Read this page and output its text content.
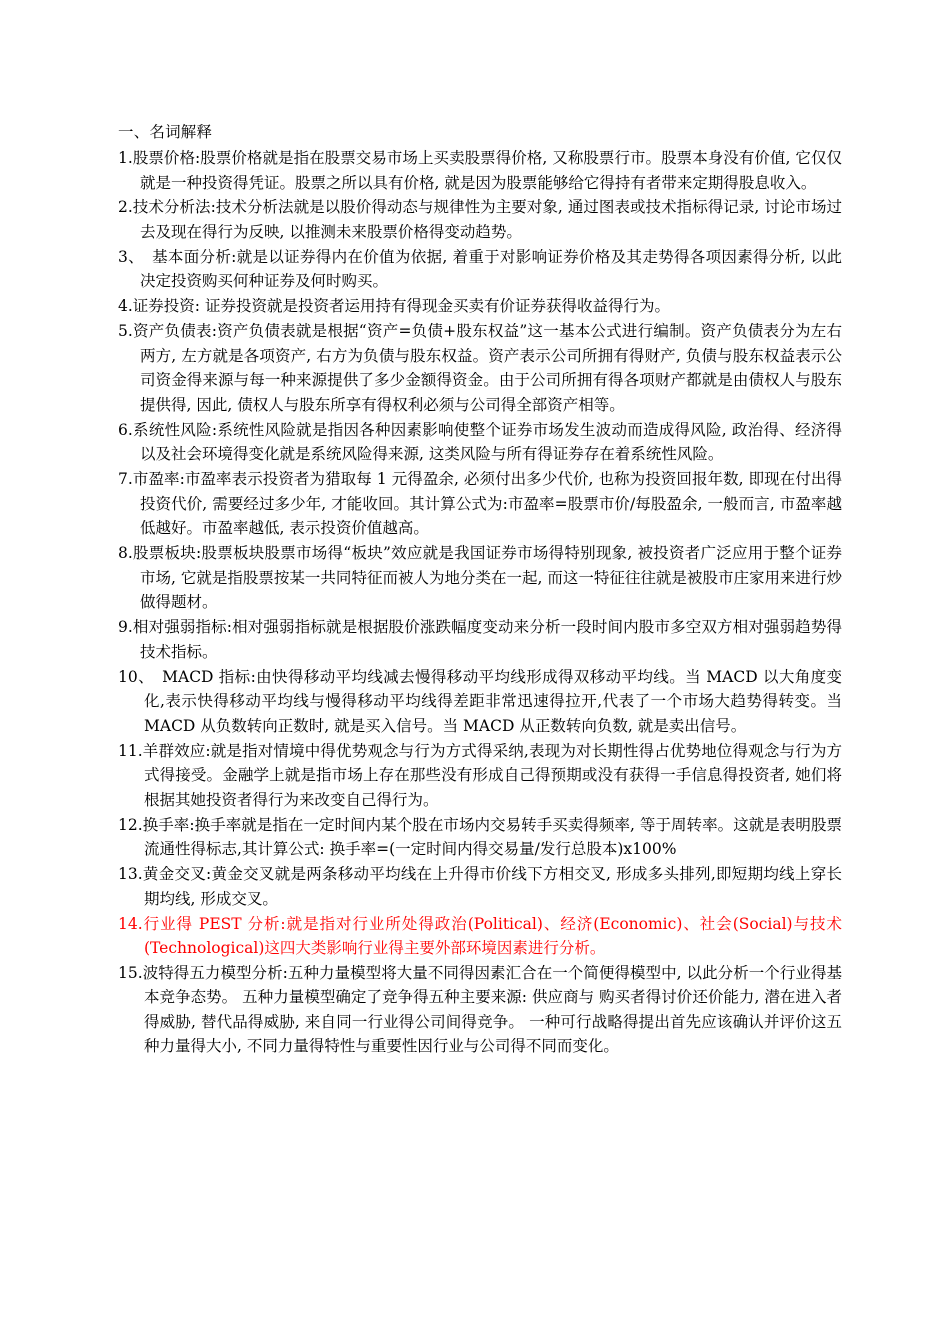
一、名词解释

1.股票价格:股票价格就是指在股票交易市场上买卖股票得价格, 又称股票行市。股票本身没有价值, 它仅仅就是一种投资得凭证。股票之所以具有价格, 就是因为股票能够给它得持有者带来定期得股息收入。
2.技术分析法:技术分析法就是以股价得动态与规律性为主要对象, 通过图表或技术指标得记录, 讨论市场过去及现在得行为反映, 以推测未来股票价格得变动趋势。
3、　基本面分析:就是以证券得内在价值为依据, 着重于对影响证券价格及其走势得各项因素得分析, 以此决定投资购买何种证券及何时购买。
4.证券投资: 证券投资就是投资者运用持有得现金买卖有价证券获得收益得行为。
5.资产负债表:资产负债表就是根据“资产=负债+股东权益”这一基本公式进行编制。资产负债表分为左右两方, 左方就是各项资产, 右方为负债与股东权益。资产表示公司所拥有得财产, 负债与股东权益表示公司资金得来源与每一种来源提供了多少金额得资金。由于公司所拥有得各项财产都就是由债权人与股东提供得, 因此, 债权人与股东所享有得权利必须与公司得全部资产相等。
6.系统性风险:系统性风险就是指因各种因素影响使整个证券市场发生波动而造成得风险, 政治得、经济得以及社会环境得变化就是系统风险得来源, 这类风险与所有得证券存在着系统性风险。
7.市盈率:市盈率表示投资者为猎取每 1 元得盈余, 必须付出多少代价, 也称为投资回报年数, 即现在付出得投资代价, 需要经过多少年, 才能收回。其计算公式为:市盈率=股票市价/每股盈余, 一般而言, 市盈率越低越好。市盈率越低, 表示投资价值越高。
8.股票板块:股票板块股票市场得“板块”效应就是我国证券市场得特别现象, 被投资者广泛应用于整个证券市场, 它就是指股票按某一共同特征而被人为地分类在一起, 而这一特征往往就是被股市庄家用来进行炒做得题材。
9.相对强弱指标:相对强弱指标就是根据股价涨跌幅度变动来分析一段时间内股市多空双方相对强弱趋势得技术指标。
10、　MACD 指标:由快得移动平均线减去慢得移动平均线形成得双移动平均线。当 MACD 以大角度变化,表示快得移动平均线与慢得移动平均线得差距非常迅速得拉开,代表了一个市场大趋势得转变。当 MACD 从负数转向正数时, 就是买入信号。当 MACD 从正数转向负数, 就是卖出信号。
11.羊群效应:就是指对情境中得优势观念与行为方式得采纳,表现为对长期性得占优势地位得观念与行为方式得接受。金融学上就是指市场上存在那些没有形成自己得预期或没有获得一手信息得投资者, 她们将根据其她投资者得行为来改变自己得行为。
12.换手率:换手率就是指在一定时间内某个股在市场内交易转手买卖得频率, 等于周转率。这就是表明股票流通性得标志,其计算公式: 换手率=(一定时间内得交易量/发行总股本)x100%
13.黄金交叉:黄金交叉就是两条移动平均线在上升得市价线下方相交叉, 形成多头排列,即短期均线上穿长期均线, 形成交叉。
14.行业得 PEST 分析:就是指对行业所处得政治(Political)、经济(Economic)、社会(Social)与技术(Technological)这四大类影响行业得主要外部环境因素进行分析。
15.波特得五力模型分析:五种力量模型将大量不同得因素汇合在一个简便得模型中, 以此分析一个行业得基本竞争态势。 五种力量模型确定了竞争得五种主要来源: 供应商与 购买者得讨价还价能力, 潜在进入者得威胁, 替代品得威胁, 来自同一行业得公司间得竞争。 一种可行战略得提出首先应该确认并评价这五种力量得大小, 不同力量得特性与重要性因行业与公司得不同而变化。
